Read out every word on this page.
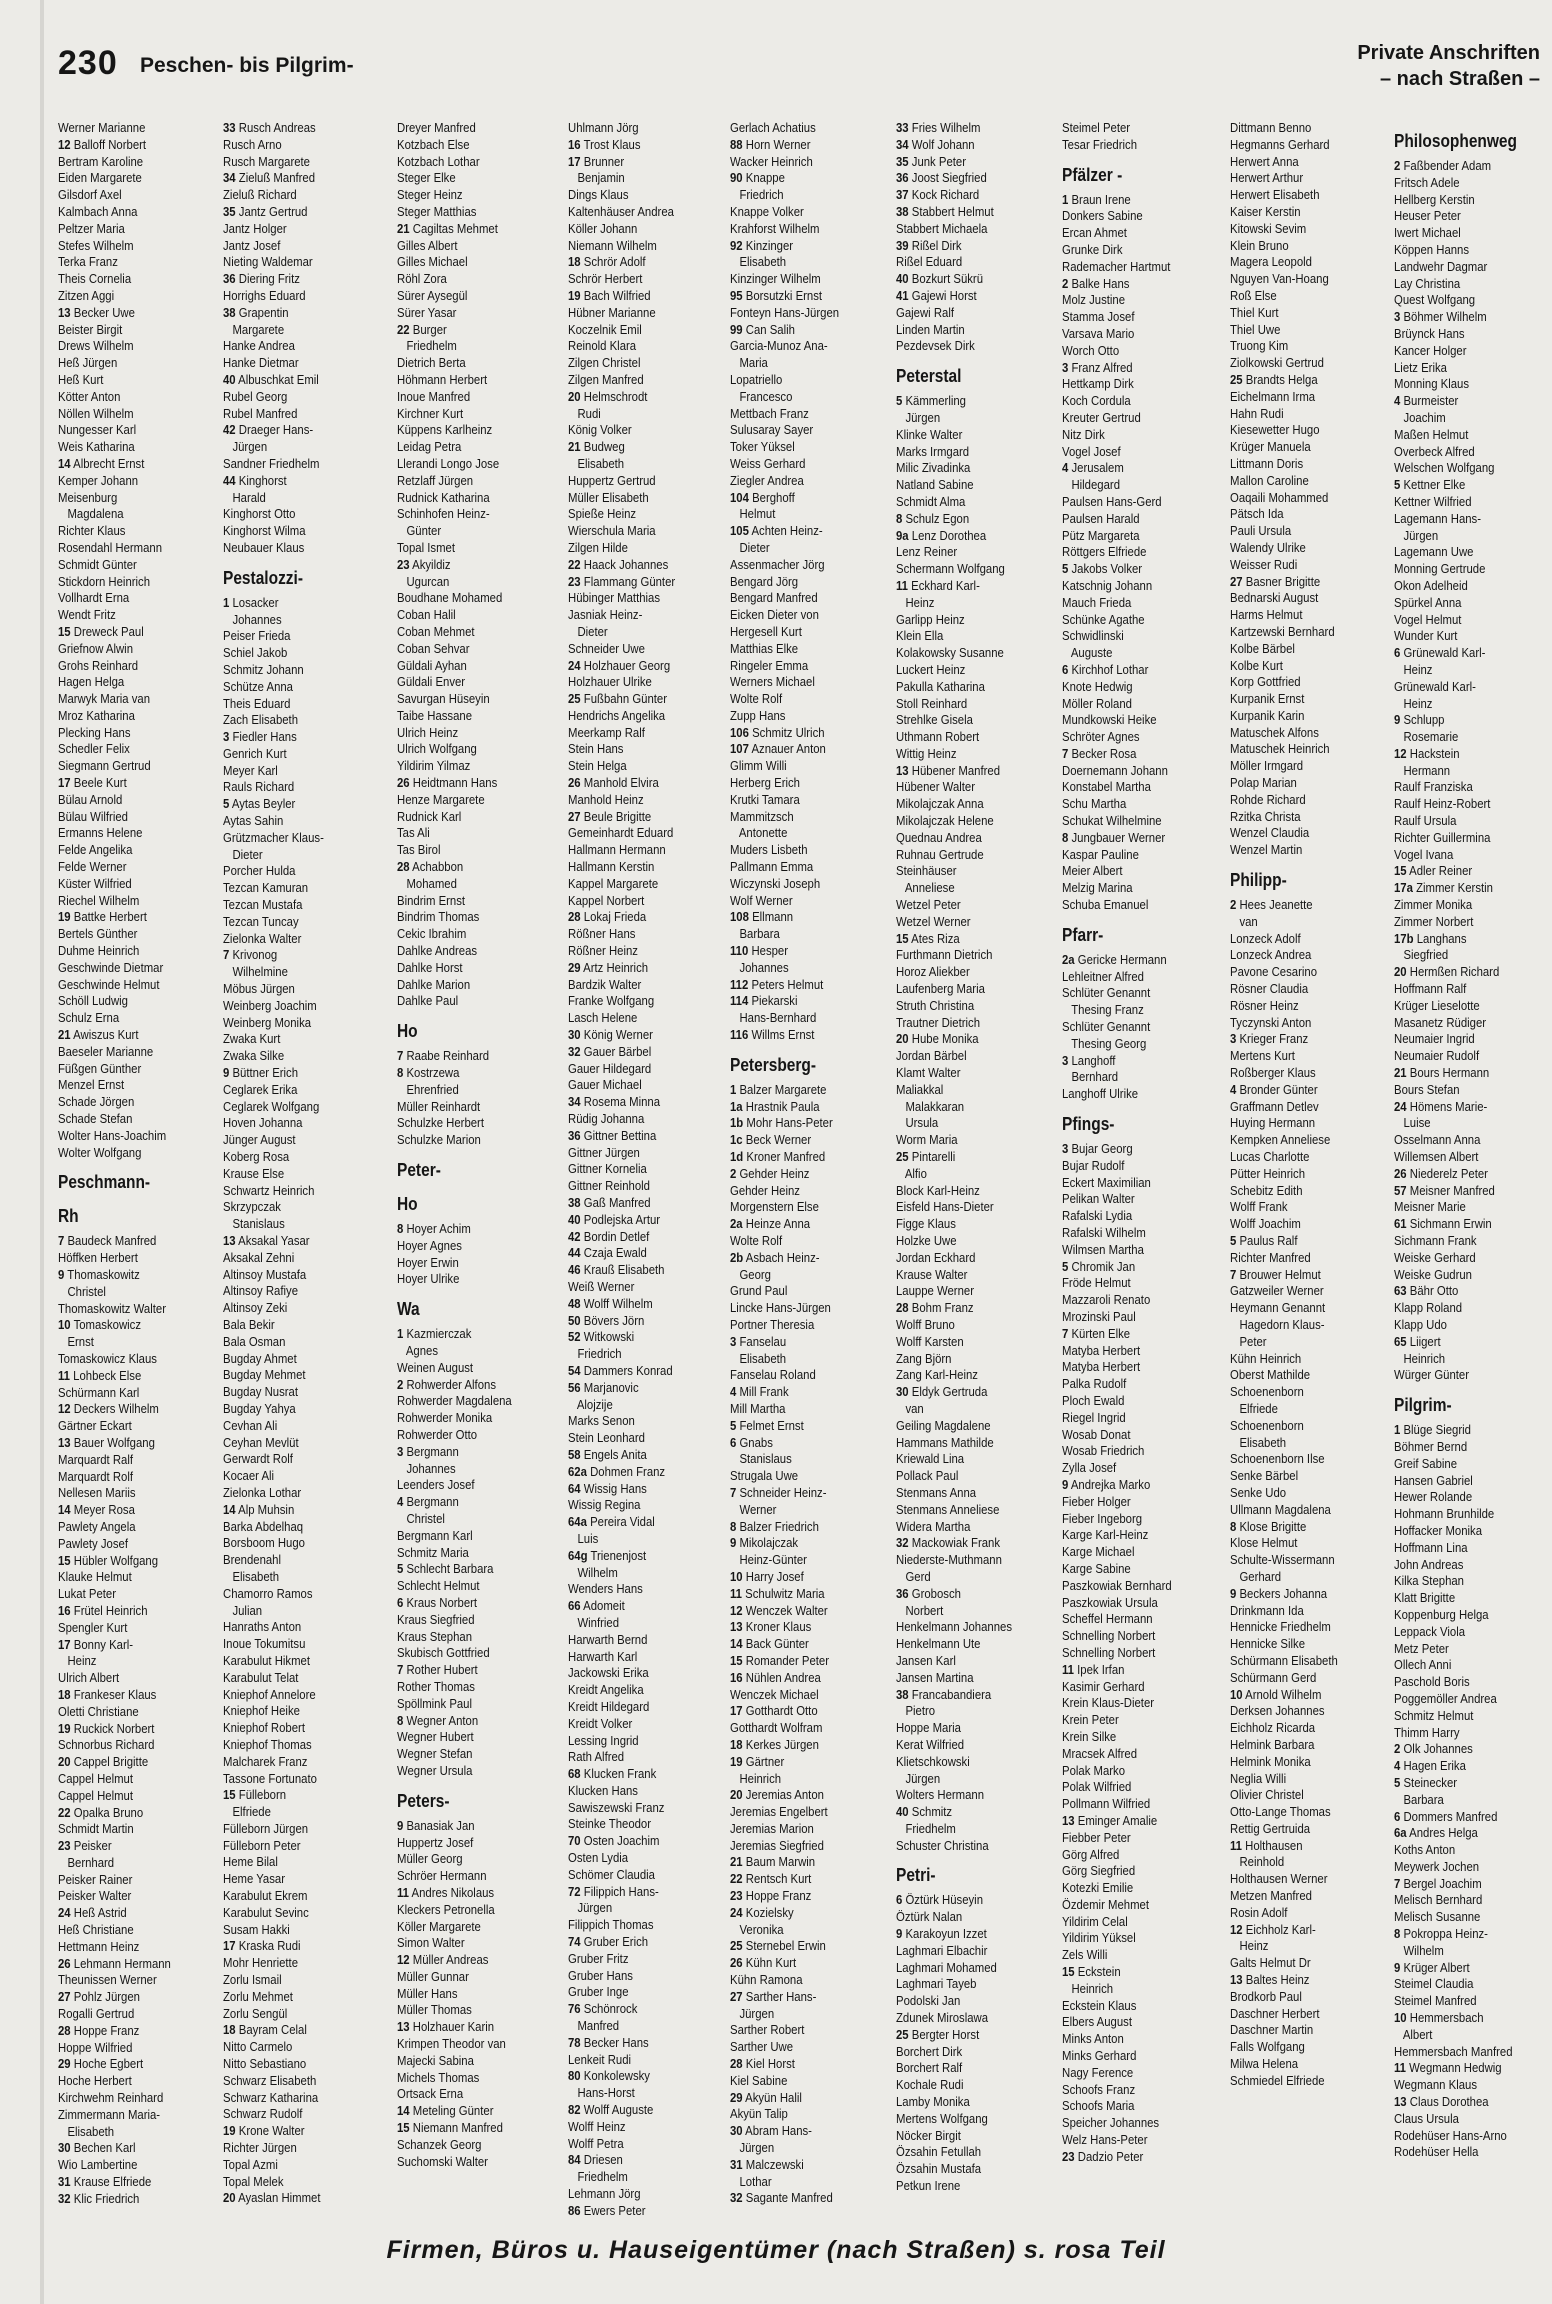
230 Peschen- bis Pilgrim-
Private Anschriften
– nach Straßen –
Werner Marianne
12 Balloff Norbert
Bertram Karoline
Eiden Margarete
Gilsdorf Axel
Kalmbach Anna
Peltzer Maria
Stefes Wilhelm
Terka Franz
Theis Cornelia
Zitzen Aggi
13 Becker Uwe
Beister Birgit
Drews Wilhelm
Heß Jürgen
Heß Kurt
Kötter Anton
Nöllen Wilhelm
Nungesser Karl
Weis Katharina
14 Albrecht Ernst
Kemper Johann
Meisenburg
Magdalena
Richter Klaus
Rosendahl Hermann
Schmidt Günter
Stickdorn Heinrich
Vollhardt Erna
Wendt Fritz
15 Dreweck Paul
Griefnow Alwin
Grohs Reinhard
Hagen Helga
Marwyk Maria van
Mroz Katharina
Plecking Hans
Schedler Felix
Siegmann Gertrud
17 Beele Kurt
Bülau Arnold
Bülau Wilfried
Ermanns Helene
Felde Angelika
Felde Werner
Küster Wilfried
Riechel Wilhelm
19 Battke Herbert
Bertels Günther
Duhme Heinrich
Geschwinde Dietmar
Geschwinde Helmut
Schöll Ludwig
Schulz Erna
21 Awiszus Kurt
Baeseler Marianne
Füßgen Günther
Menzel Ernst
Schade Jörgen
Schade Stefan
Wolter Hans-Joachim
Wolter Wolfgang
Peschmann-
Rh
7 Baudeck Manfred
Höffken Herbert
9 Thomaskowitz
Christel
Thomaskowitz Walter
10 Tomaskowicz
Ernst
Tomaskowicz Klaus
11 Lohbeck Else
Schürmann Karl
12 Deckers Wilhelm
Gärtner Eckart
13 Bauer Wolfgang
Marquardt Ralf
Marquardt Rolf
Nellesen Mariis
14 Meyer Rosa
Pawlety Angela
Pawlety Josef
15 Hübler Wolfgang
Klauke Helmut
Lukat Peter
16 Frütel Heinrich
Spengler Kurt
17 Bonny Karl-
Heinz
Ulrich Albert
18 Frankeser Klaus
Oletti Christiane
19 Ruckick Norbert
Schnorbus Richard
20 Cappel Brigitte
Cappel Helmut
Cappel Helmut
22 Opalka Bruno
Schmidt Martin
23 Peisker
Bernhard
Peisker Rainer
Peisker Walter
24 Heß Astrid
Heß Christiane
Hettmann Heinz
26 Lehmann Hermann
Theunissen Werner
27 Pohlz Jürgen
Rogalli Gertrud
28 Hoppe Franz
Hoppe Wilfried
29 Hoche Egbert
Hoche Herbert
Kirchwehm Reinhard
Zimmermann Maria-
Elisabeth
30 Bechen Karl
Wio Lambertine
31 Krause Elfriede
32 Klic Friedrich
33 Rusch Andreas
Rusch Arno
Rusch Margarete
34 Zieluß Manfred
Zieluß Richard
35 Jantz Gertrud
Jantz Holger
Jantz Josef
Nieting Waldemar
36 Diering Fritz
Horrighs Eduard
38 Grapentin
Margarete
Hanke Andrea
Hanke Dietmar
40 Albuschkat Emil
Rubel Georg
Rubel Manfred
42 Draeger Hans-
Jürgen
Sandner Friedhelm
44 Kinghorst
Harald
Kinghorst Otto
Kinghorst Wilma
Neubauer Klaus
Pestalozzi-
1 Losacker
Johannes
Peiser Frieda
Schiel Jakob
Schmitz Johann
Schütze Anna
Theis Eduard
Zach Elisabeth
3 Fiedler Hans
Genrich Kurt
Meyer Karl
Rauls Richard
5 Aytas Beyler
Aytas Sahin
Grützmacher Klaus-
Dieter
Porcher Hulda
Tezcan Kamuran
Tezcan Mustafa
Tezcan Tuncay
Zielonka Walter
7 Krivonog
Wilhelmine
Möbus Jürgen
Weinberg Joachim
Weinberg Monika
Zwaka Kurt
Zwaka Silke
9 Büttner Erich
Ceglarek Erika
Ceglarek Wolfgang
Hoven Johanna
Jünger August
Koberg Rosa
Krause Else
Schwartz Heinrich
Skrzypczak
Stanislaus
13 Aksakal Yasar
Aksakal Zehni
Altinsoy Mustafa
Altinsoy Rafiye
Altinsoy Zeki
Bala Bekir
Bala Osman
Bugday Ahmet
Bugday Mehmet
Bugday Nusrat
Bugday Yahya
Cevhan Ali
Ceyhan Mevlüt
Gerwardt Rolf
Kocaer Ali
Zielonka Lothar
14 Alp Muhsin
Barka Abdelhaq
Borsboom Hugo
Brendenahl
Elisabeth
Chamorro Ramos
Julian
Hanraths Anton
Inoue Tokumitsu
Karabulut Hikmet
Karabulut Telat
Kniephof Annelore
Kniephof Heike
Kniephof Robert
Kniephof Thomas
Malcharek Franz
Tassone Fortunato
15 Fülleborn
Elfriede
Fülleborn Jürgen
Fülleborn Peter
Heme Bilal
Heme Yasar
Karabulut Ekrem
Karabulut Sevinc
Susam Hakki
17 Kraska Rudi
Mohr Henriette
Zorlu Ismail
Zorlu Mehmet
Zorlu Sengül
18 Bayram Celal
Nitto Carmelo
Nitto Sebastiano
Schwarz Elisabeth
Schwarz Katharina
Schwarz Rudolf
19 Krone Walter
Richter Jürgen
Topal Azmi
Topal Melek
20 Ayaslan Himmet
Dreyer Manfred
Kotzbach Else
Kotzbach Lothar
Steger Elke
Steger Heinz
Steger Matthias
21 Cagiltas Mehmet
Gilles Albert
Gilles Michael
Röhl Zora
Sürer Aysegül
Sürer Yasar
22 Burger
Friedhelm
Dietrich Berta
Höhmann Herbert
Inoue Manfred
Kirchner Kurt
Küppens Karlheinz
Leidag Petra
Llerandi Longo Jose
Retzlaff Jürgen
Rudnick Katharina
Schinhofen Heinz-
Günter
Topal Ismet
23 Akyildiz
Ugurcan
Boudhane Mohamed
Coban Halil
Coban Mehmet
Coban Sehvar
Güldali Ayhan
Güldali Enver
Savurgan Hüseyin
Taibe Hassane
Ulrich Heinz
Ulrich Wolfgang
Yildirim Yilmaz
26 Heidtmann Hans
Henze Margarete
Rudnick Karl
Tas Ali
Tas Birol
28 Achabbon
Mohamed
Bindrim Ernst
Bindrim Thomas
Cekic Ibrahim
Dahlke Andreas
Dahlke Horst
Dahlke Marion
Dahlke Paul
Ho
7 Raabe Reinhard
8 Kostrzewa
Ehrenfried
Müller Reinhardt
Schulzke Herbert
Schulzke Marion
Peter-
Ho
8 Hoyer Achim
Hoyer Agnes
Hoyer Erwin
Hoyer Ulrike
Wa
1 Kazmierczak
Agnes
Weinen August
2 Rohwerder Alfons
Rohwerder Magdalena
Rohwerder Monika
Rohwerder Otto
3 Bergmann
Johannes
Leenders Josef
4 Bergmann
Christel
Bergmann Karl
Schmitz Maria
5 Schlecht Barbara
Schlecht Helmut
6 Kraus Norbert
Kraus Siegfried
Kraus Stephan
Skubisch Gottfried
7 Rother Hubert
Rother Thomas
Spöllmink Paul
8 Wegner Anton
Wegner Hubert
Wegner Stefan
Wegner Ursula
Peters-
9 Banasiak Jan
Huppertz Josef
Müller Georg
Schröer Hermann
11 Andres Nikolaus
Kleckers Petronella
Köller Margarete
Simon Walter
12 Müller Andreas
Müller Gunnar
Müller Hans
Müller Thomas
13 Holzhauer Karin
Krimpen Theodor van
Majecki Sabina
Michels Thomas
Ortsack Erna
14 Meteling Günter
15 Niemann Manfred
Schanzek Georg
Suchomski Walter
Uhlmann Jörg
16 Trost Klaus
17 Brunner
Benjamin
Dings Klaus
Kaltenhäuser Andrea
Köller Johann
Niemann Wilhelm
18 Schrör Adolf
Schrör Herbert
19 Bach Wilfried
Hübner Marianne
Koczelnik Emil
Reinold Klara
Zilgen Christel
Zilgen Manfred
20 Helmschrodt
Rudi
König Volker
21 Budweg
Elisabeth
Huppertz Gertrud
Müller Elisabeth
Spieße Heinz
Wierschula Maria
Zilgen Hilde
22 Haack Johannes
23 Flammang Günter
Hübinger Matthias
Jasniak Heinz-
Dieter
Schneider Uwe
24 Holzhauer Georg
Holzhauer Ulrike
25 Fußbahn Günter
Hendrichs Angelika
Meerkamp Ralf
Stein Hans
Stein Helga
26 Manhold Elvira
Manhold Heinz
27 Beule Brigitte
Gemeinhardt Eduard
Hallmann Hermann
Hallmann Kerstin
Kappel Margarete
Kappel Norbert
28 Lokaj Frieda
Rößner Hans
Rößner Heinz
29 Artz Heinrich
Bardzik Walter
Franke Wolfgang
Lasch Helene
30 König Werner
32 Gauer Bärbel
Gauer Hildegard
Gauer Michael
34 Rosema Minna
Rüdig Johanna
36 Gittner Bettina
Gittner Jürgen
Gittner Kornelia
Gittner Reinhold
38 Gaß Manfred
40 Podlejska Artur
42 Bordin Detlef
44 Czaja Ewald
46 Krauß Elisabeth
Weiß Werner
48 Wolff Wilhelm
50 Bövers Jörn
52 Witkowski
Friedrich
54 Dammers Konrad
56 Marjanovic
Alojzije
Marks Senon
Stein Leonhard
58 Engels Anita
62a Dohmen Franz
64 Wissig Hans
Wissig Regina
64a Pereira Vidal
Luis
64g Trienenjost
Wilhelm
Wenders Hans
66 Adomeit
Winfried
Harwarth Bernd
Harwarth Karl
Jackowski Erika
Kreidt Angelika
Kreidt Hildegard
Kreidt Volker
Lessing Ingrid
Rath Alfred
68 Klucken Frank
Klucken Hans
Sawiszewski Franz
Steinke Theodor
70 Osten Joachim
Osten Lydia
Schömer Claudia
72 Filippich Hans-
Jürgen
Filippich Thomas
74 Gruber Erich
Gruber Fritz
Gruber Hans
Gruber Inge
76 Schönrock
Manfred
78 Becker Hans
Lenkeit Rudi
80 Konkolewsky
Hans-Horst
82 Wolff Auguste
Wolff Heinz
Wolff Petra
84 Driesen
Friedhelm
Lehmann Jörg
86 Ewers Peter
Gerlach Achatius
88 Horn Werner
Wacker Heinrich
90 Knappe
Friedrich
Knappe Volker
Krahforst Wilhelm
92 Kinzinger
Elisabeth
Kinzinger Wilhelm
95 Borsutzki Ernst
Fonteyn Hans-Jürgen
99 Can Salih
Garcia-Munoz Ana-
Maria
Lopatriello
Francesco
Mettbach Franz
Sulusaray Sayer
Toker Yüksel
Weiss Gerhard
Ziegler Andrea
104 Berghoff
Helmut
105 Achten Heinz-
Dieter
Assenmacher Jörg
Bengard Jörg
Bengard Manfred
Eicken Dieter von
Hergesell Kurt
Matthias Elke
Ringeler Emma
Werners Michael
Wolte Rolf
Zupp Hans
106 Schmitz Ulrich
107 Aznauer Anton
Glimm Willi
Herberg Erich
Krutki Tamara
Mammitzsch
Antonette
Muders Lisbeth
Pallmann Emma
Wiczynski Joseph
Wolf Werner
108 Ellmann
Barbara
110 Hesper
Johannes
112 Peters Helmut
114 Piekarski
Hans-Bernhard
116 Willms Ernst
Petersberg-
1 Balzer Margarete
1a Hrastnik Paula
1b Mohr Hans-Peter
1c Beck Werner
1d Kroner Manfred
2 Gehder Heinz
Gehder Heinz
Morgenstern Else
2a Heinze Anna
Wolte Rolf
2b Asbach Heinz-
Georg
Grund Paul
Lincke Hans-Jürgen
Portner Theresia
3 Fanselau
Elisabeth
Fanselau Roland
4 Mill Frank
Mill Martha
5 Felmet Ernst
6 Gnabs
Stanislaus
Strugala Uwe
7 Schneider Heinz-
Werner
8 Balzer Friedrich
9 Mikolajczak
Heinz-Günter
10 Harry Josef
11 Schulwitz Maria
12 Wenczek Walter
13 Kroner Klaus
14 Back Günter
15 Romander Peter
16 Nühlen Andrea
Wenczek Michael
17 Gotthardt Otto
Gotthardt Wolfram
18 Kerkes Jürgen
19 Gärtner
Heinrich
20 Jeremias Anton
Jeremias Engelbert
Jeremias Marion
Jeremias Siegfried
21 Baum Marwin
22 Rentsch Kurt
23 Hoppe Franz
24 Kozielsky
Veronika
25 Sternebel Erwin
26 Kühn Kurt
Kühn Ramona
27 Sarther Hans-
Jürgen
Sarther Robert
Sarther Uwe
28 Kiel Horst
Kiel Sabine
29 Akyün Halil
Akyün Talip
30 Abram Hans-
Jürgen
31 Malczewski
Lothar
32 Sagante Manfred
33 Fries Wilhelm
34 Wolf Johann
35 Junk Peter
36 Joost Siegfried
37 Kock Richard
38 Stabbert Helmut
Stabbert Michaela
39 Rißel Dirk
Rißel Eduard
40 Bozkurt Sükrü
41 Gajewi Horst
Gajewi Ralf
Linden Martin
Pezdevsek Dirk
Peterstal
5 Kämmerling
Jürgen
Klinke Walter
Marks Irmgard
Milic Zivadinka
Natland Sabine
Schmidt Alma
8 Schulz Egon
9a Lenz Dorothea
Lenz Reiner
Schermann Wolfgang
11 Eckhard Karl-
Heinz
Garlipp Heinz
Klein Ella
Kolakowsky Susanne
Luckert Heinz
Pakulla Katharina
Stoll Reinhard
Strehlke Gisela
Uthmann Robert
Wittig Heinz
13 Hübener Manfred
Hübener Walter
Mikolajczak Anna
Mikolajczak Helene
Quednau Andrea
Ruhnau Gertrude
Steinhäuser
Anneliese
Wetzel Peter
Wetzel Werner
15 Ates Riza
Furthmann Dietrich
Horoz Aliekber
Laufenberg Maria
Struth Christina
Trautner Dietrich
20 Hube Monika
Jordan Bärbel
Klamt Walter
Maliakkal
Malakkaran
Ursula
Worm Maria
25 Pintarelli
Alfio
Block Karl-Heinz
Eisfeld Hans-Dieter
Figge Klaus
Holzke Uwe
Jordan Eckhard
Krause Walter
Lauppe Werner
28 Bohm Franz
Wolff Bruno
Wolff Karsten
Zang Björn
Zang Karl-Heinz
30 Eldyk Gertruda
van
Geiling Magdalene
Hammans Mathilde
Kriewald Lina
Pollack Paul
Stenmans Anna
Stenmans Anneliese
Widera Martha
32 Mackowiak Frank
Niederste-Muthmann
Gerd
36 Grobosch
Norbert
Henkelmann Johannes
Henkelmann Ute
Jansen Karl
Jansen Martina
38 Francabandiera
Pietro
Hoppe Maria
Kerat Wilfried
Klietschkowski
Jürgen
Wolters Hermann
40 Schmitz
Friedhelm
Schuster Christina
Petri-
6 Öztürk Hüseyin
Öztürk Nalan
9 Karakoyun Izzet
Laghmari Elbachir
Laghmari Mohamed
Laghmari Tayeb
Podolski Jan
Zdunek Miroslawa
25 Bergter Horst
Borchert Dirk
Borchert Ralf
Kochale Rudi
Lamby Monika
Mertens Wolfgang
Nöcker Birgit
Özsahin Fetullah
Özsahin Mustafa
Petkun Irene
Steimel Peter
Tesar Friedrich
Pfälzer -
1 Braun Irene
Donkers Sabine
Ercan Ahmet
Grunke Dirk
Rademacher Hartmut
2 Balke Hans
Molz Justine
Stamma Josef
Varsava Mario
Worch Otto
3 Franz Alfred
Hettkamp Dirk
Koch Cordula
Kreuter Gertrud
Nitz Dirk
Vogel Josef
4 Jerusalem
Hildegard
Paulsen Hans-Gerd
Paulsen Harald
Pütz Margareta
Röttgers Elfriede
5 Jakobs Volker
Katschnig Johann
Mauch Frieda
Schünke Agathe
Schwidlinski
Auguste
6 Kirchhof Lothar
Knote Hedwig
Möller Roland
Mundkowski Heike
Schröter Agnes
7 Becker Rosa
Doernemann Johann
Konstabel Martha
Schu Martha
Schukat Wilhelmine
8 Jungbauer Werner
Kaspar Pauline
Meier Albert
Melzig Marina
Schuba Emanuel
Pfarr-
2a Gericke Hermann
Lehleitner Alfred
Schlüter Genannt
Thesing Franz
Schlüter Genannt
Thesing Georg
3 Langhoff
Bernhard
Langhoff Ulrike
Pfings-
3 Bujar Georg
Bujar Rudolf
Eckert Maximilian
Pelikan Walter
Rafalski Lydia
Rafalski Wilhelm
Wilmsen Martha
5 Chromik Jan
Fröde Helmut
Mazzaroli Renato
Mrozinski Paul
7 Kürten Elke
Matyba Herbert
Matyba Herbert
Palka Rudolf
Ploch Ewald
Riegel Ingrid
Wosab Donat
Wosab Friedrich
Zylla Josef
9 Andrejka Marko
Fieber Holger
Fieber Ingeborg
Karge Karl-Heinz
Karge Michael
Karge Sabine
Paszkowiak Bernhard
Paszkowiak Ursula
Scheffel Hermann
Schnelling Norbert
Schnelling Norbert
11 Ipek Irfan
Kasimir Gerhard
Krein Klaus-Dieter
Krein Peter
Krein Silke
Mracsek Alfred
Polak Marko
Polak Wilfried
Pollmann Wilfried
13 Eminger Amalie
Fiebber Peter
Görg Alfred
Görg Siegfried
Kotezki Emilie
Özdemir Mehmet
Yildirim Celal
Yildirim Yüksel
Zels Willi
15 Eckstein
Heinrich
Eckstein Klaus
Elbers August
Minks Anton
Minks Gerhard
Nagy Ference
Schoofs Franz
Schoofs Maria
Speicher Johannes
Welz Hans-Peter
23 Dadzio Peter
Dittmann Benno
Hegmanns Gerhard
Herwert Anna
Herwert Arthur
Herwert Elisabeth
Kaiser Kerstin
Kitowski Sevim
Klein Bruno
Magera Leopold
Nguyen Van-Hoang
Roß Else
Thiel Kurt
Thiel Uwe
Truong Kim
Ziolkowski Gertrud
25 Brandts Helga
Eichelmann Irma
Hahn Rudi
Kiesewetter Hugo
Krüger Manuela
Littmann Doris
Mallon Caroline
Oaqaili Mohammed
Pätsch Ida
Pauli Ursula
Walendy Ulrike
Weisser Rudi
27 Basner Brigitte
Bednarski August
Harms Helmut
Kartzewski Bernhard
Kolbe Bärbel
Kolbe Kurt
Korp Gottfried
Kurpanik Ernst
Kurpanik Karin
Matuschek Alfons
Matuschek Heinrich
Möller Irmgard
Polap Marian
Rohde Richard
Rzitka Christa
Wenzel Claudia
Wenzel Martin
Philipp-
2 Hees Jeanette
van
Lonzeck Adolf
Lonzeck Andrea
Pavone Cesarino
Rösner Claudia
Rösner Heinz
Tyczynski Anton
3 Krieger Franz
Mertens Kurt
Roßberger Klaus
4 Bronder Günter
Graffmann Detlev
Huying Hermann
Kempken Anneliese
Lucas Charlotte
Pütter Heinrich
Schebitz Edith
Wolff Frank
Wolff Joachim
5 Paulus Ralf
Richter Manfred
7 Brouwer Helmut
Gatzweiler Werner
Heymann Genannt
Hagedorn Klaus-
Peter
Kühn Heinrich
Oberst Mathilde
Schoenenborn
Elfriede
Schoenenborn
Elisabeth
Schoenenborn Ilse
Senke Bärbel
Senke Udo
Ullmann Magdalena
8 Klose Brigitte
Klose Helmut
Schulte-Wissermann
Gerhard
9 Beckers Johanna
Drinkmann Ida
Hennicke Friedhelm
Hennicke Silke
Schürmann Elisabeth
Schürmann Gerd
10 Arnold Wilhelm
Derksen Johannes
Eichholz Ricarda
Helmink Barbara
Helmink Monika
Neglia Willi
Olivier Christel
Otto-Lange Thomas
Rettig Gertruida
11 Holthausen
Reinhold
Holthausen Werner
Metzen Manfred
Rosin Adolf
12 Eichholz Karl-
Heinz
Galts Helmut Dr
13 Baltes Heinz
Brodkorb Paul
Daschner Herbert
Daschner Martin
Falls Wolfgang
Milwa Helena
Schmiedel Elfriede
Philosophenweg
2 Faßbender Adam
Fritsch Adele
Hellberg Kerstin
Heuser Peter
Iwert Michael
Köppen Hanns
Landwehr Dagmar
Lay Christina
Quest Wolfgang
3 Böhmer Wilhelm
Brüynck Hans
Kancer Holger
Lietz Erika
Monning Klaus
4 Burmeister
Joachim
Maßen Helmut
Overbeck Alfred
Welschen Wolfgang
5 Kettner Elke
Kettner Wilfried
Lagemann Hans-
Jürgen
Lagemann Uwe
Monning Gertrude
Okon Adelheid
Spürkel Anna
Vogel Helmut
Wunder Kurt
6 Grünewald Karl-
Heinz
Grünewald Karl-
Heinz
9 Schlupp
Rosemarie
12 Hackstein
Hermann
Raulf Franziska
Raulf Heinz-Robert
Raulf Ursula
Richter Guillermina
Vogel Ivana
15 Adler Reiner
17a Zimmer Kerstin
Zimmer Monika
Zimmer Norbert
17b Langhans
Siegfried
20 Hermßen Richard
Hoffmann Ralf
Krüger Lieselotte
Masanetz Rüdiger
Neumaier Ingrid
Neumaier Rudolf
21 Bours Hermann
Bours Stefan
24 Hömens Marie-
Luise
Osselmann Anna
Willemsen Albert
26 Niederelz Peter
57 Meisner Manfred
Meisner Marie
61 Sichmann Erwin
Sichmann Frank
Weiske Gerhard
Weiske Gudrun
63 Bähr Otto
Klapp Roland
Klapp Udo
65 Liigert
Heinrich
Würger Günter
Pilgrim-
1 Blüge Siegrid
Böhmer Bernd
Greif Sabine
Hansen Gabriel
Hewer Rolande
Hohmann Brunhilde
Hoffacker Monika
Hoffmann Lina
John Andreas
Kilka Stephan
Klatt Brigitte
Koppenburg Helga
Leppack Viola
Metz Peter
Ollech Anni
Paschold Boris
Poggemöller Andrea
Schmitz Helmut
Thimm Harry
2 Olk Johannes
4 Hagen Erika
5 Steinecker
Barbara
6 Dommers Manfred
6a Andres Helga
Koths Anton
Meywerk Jochen
7 Bergel Joachim
Melisch Bernhard
Melisch Susanne
8 Pokroppa Heinz-
Wilhelm
9 Krüger Albert
Steimel Claudia
Steimel Manfred
10 Hemmersbach
Albert
Hemmersbach Manfred
11 Wegmann Hedwig
Wegmann Klaus
13 Claus Dorothea
Claus Ursula
Rodehüser Hans-Arno
Rodehüser Hella
Firmen, Büros u. Hauseigentümer (nach Straßen) s. rosa Teil
